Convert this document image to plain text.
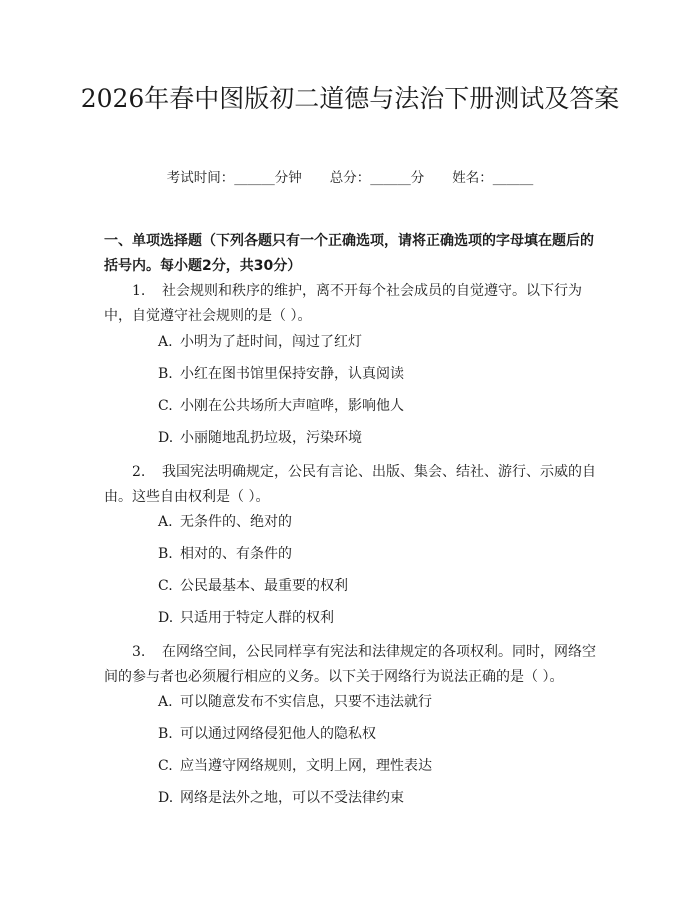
2026年春中图版初二道德与法治下册测试及答案
考试时间：______分钟 总分：______分 姓名：______

一、单项选择题（下列各题只有一个正确选项，请将正确选项的字母填在题后的括号内。每小题2分，共30分）

1. 社会规则和秩序的维护，离不开每个社会成员的自觉遵守。以下行为中，自觉遵守社会规则的是（ ）。

A. 小明为了赶时间，闯过了红灯

B. 小红在图书馆里保持安静，认真阅读

C. 小刚在公共场所大声喧哗，影响他人

D. 小丽随地乱扔垃圾，污染环境

2. 我国宪法明确规定，公民有言论、出版、集会、结社、游行、示威的自由。这些自由权利是（ ）。

A. 无条件的、绝对的

B. 相对的、有条件的

C. 公民最基本、最重要的权利

D. 只适用于特定人群的权利

3. 在网络空间，公民同样享有宪法和法律规定的各项权利。同时，网络空间的参与者也必须履行相应的义务。以下关于网络行为说法正确的是（ ）。

A. 可以随意发布不实信息，只要不违法就行

B. 可以通过网络侵犯他人的隐私权

C. 应当遵守网络规则，文明上网，理性表达

D. 网络是法外之地，可以不受法律约束
